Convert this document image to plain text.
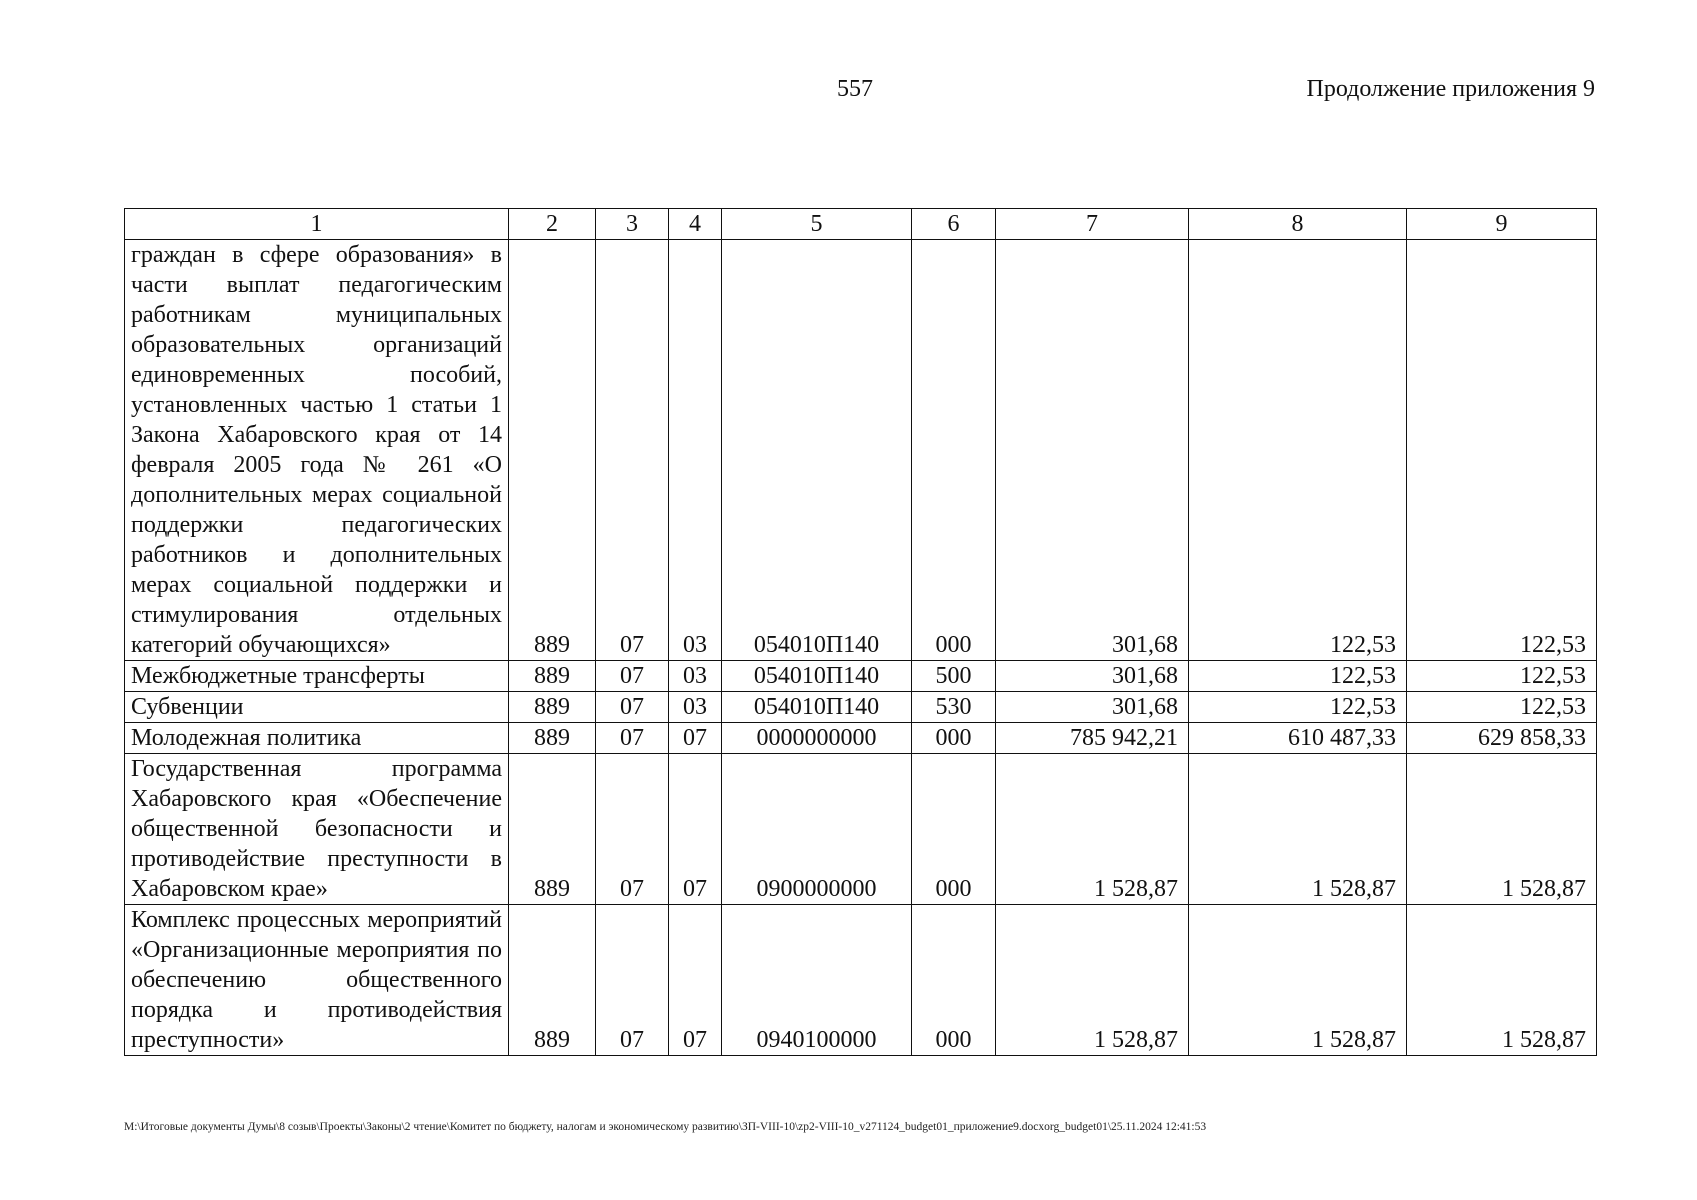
557	Продолжение приложения 9
1	2	3	4	5	6	7	8	9
граждан в сфере образования» в части выплат педагогическим работникам муниципальных образовательных организаций единовременных пособий, установленных частью 1 статьи 1 Закона Хабаровского края от 14 февраля 2005 года № 261 «О дополнительных мерах социальной поддержки педагогических работников и дополнительных мерах социальной поддержки и стимулирования отдельных категорий обучающихся»	889	07	03	054010П140	000	301,68	122,53	122,53
Межбюджетные трансферты	889	07	03	054010П140	500	301,68	122,53	122,53
Субвенции	889	07	03	054010П140	530	301,68	122,53	122,53
Молодежная политика	889	07	07	0000000000	000	785 942,21	610 487,33	629 858,33
Государственная программа Хабаровского края «Обеспечение общественной безопасности и противодействие преступности в Хабаровском крае»	889	07	07	0900000000	000	1 528,87	1 528,87	1 528,87
Комплекс процессных мероприятий «Организационные мероприятия по обеспечению общественного порядка и противодействия преступности»	889	07	07	0940100000	000	1 528,87	1 528,87	1 528,87
М:\Итоговые документы Думы\8 созыв\Проекты\Законы\2 чтение\Комитет по бюджету, налогам и экономическому развитию\ЗП-VIII-10\zp2-VIII-10_v271124_budget01_приложение9.docxorg_budget01\25.11.2024 12:41:53
